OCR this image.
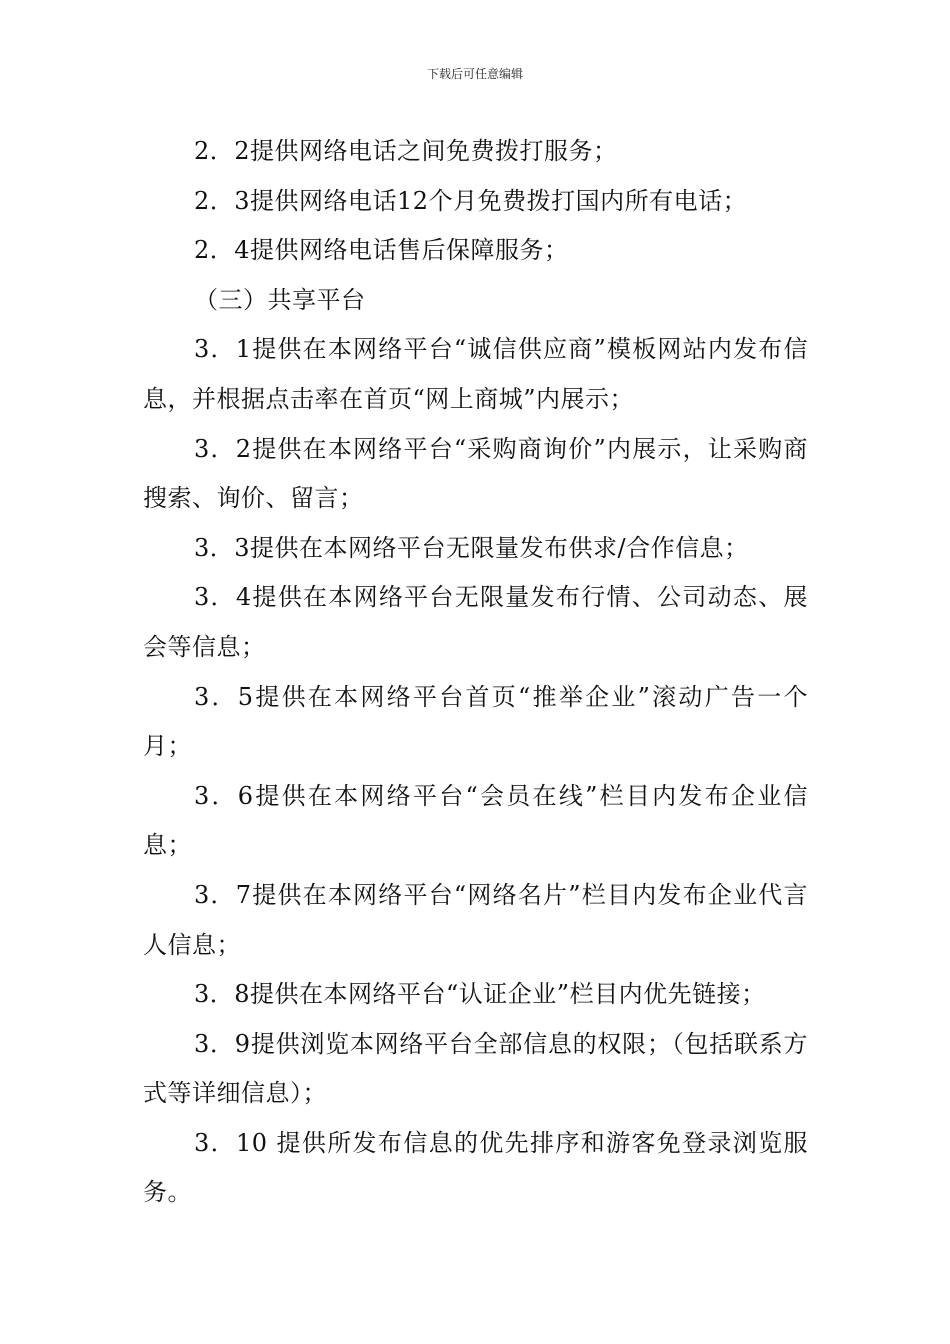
下载后可任意编辑

2．2提供网络电话之间免费拨打服务；

2．3提供网络电话12个月免费拨打国内所有电话；

2．4提供网络电话售后保障服务；

（三）共享平台

3．1提供在本网络平台“诚信供应商”模板网站内发布信息，并根据点击率在首页“网上商城”内展示；

3．2提供在本网络平台“采购商询价”内展示，让采购商搜索、询价、留言；

3．3提供在本网络平台无限量发布供求/合作信息；

3．4提供在本网络平台无限量发布行情、公司动态、展会等信息；

3．5提供在本网络平台首页“推举企业”滚动广告一个月；

3．6提供在本网络平台“会员在线”栏目内发布企业信息；

3．7提供在本网络平台“网络名片”栏目内发布企业代言人信息；

3．8提供在本网络平台“认证企业”栏目内优先链接；

3．9提供浏览本网络平台全部信息的权限；（包括联系方式等详细信息）；

3．10 提供所发布信息的优先排序和游客免登录浏览服务。
